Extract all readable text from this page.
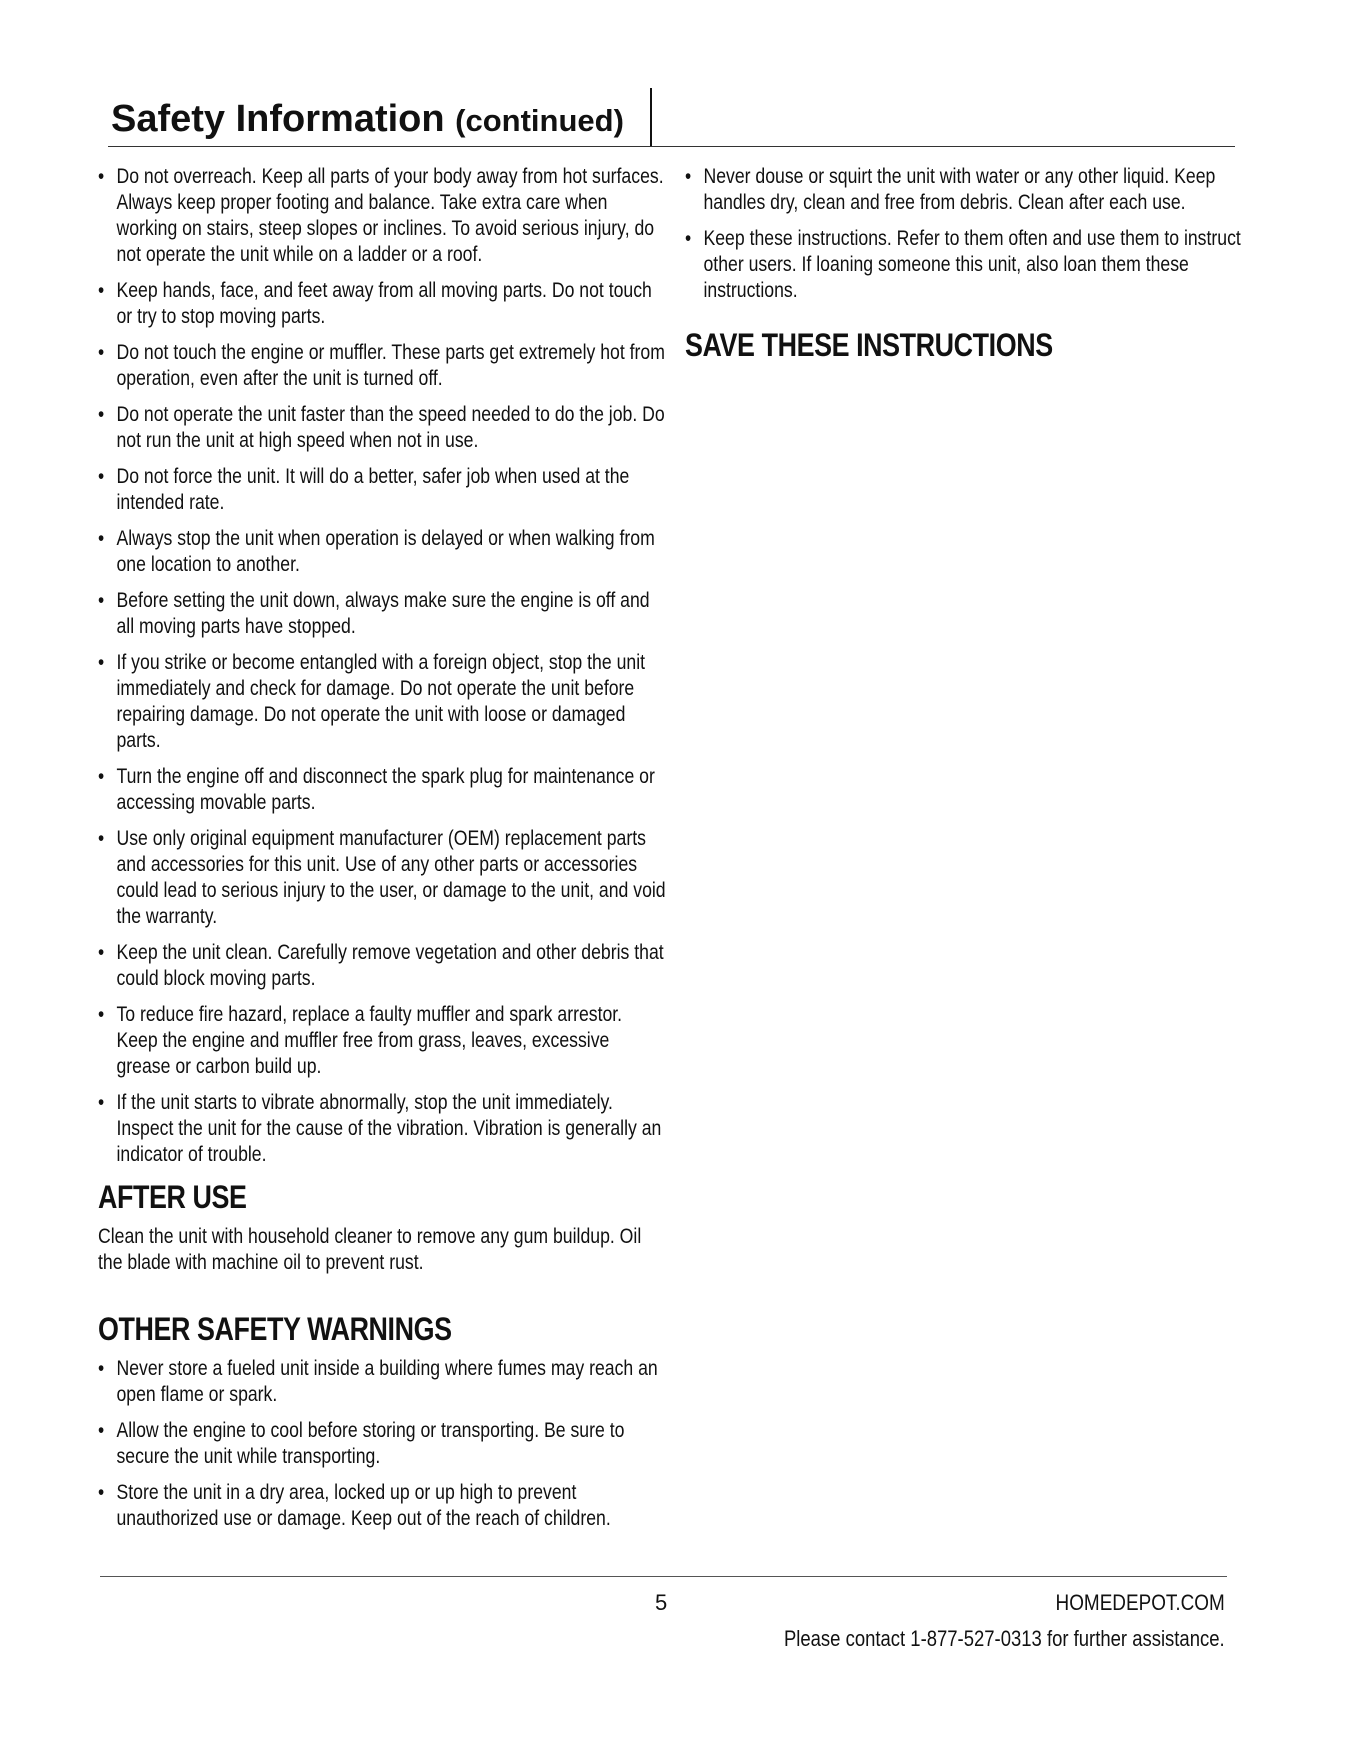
Safety Information (continued)
• Do not overreach. Keep all parts of your body away from hot surfaces. Always keep proper footing and balance. Take extra care when working on stairs, steep slopes or inclines. To avoid serious injury, do not operate the unit while on a ladder or a roof.
• Keep hands, face, and feet away from all moving parts. Do not touch or try to stop moving parts.
• Do not touch the engine or muffler. These parts get extremely hot from operation, even after the unit is turned off.
• Do not operate the unit faster than the speed needed to do the job. Do not run the unit at high speed when not in use.
• Do not force the unit. It will do a better, safer job when used at the intended rate.
• Always stop the unit when operation is delayed or when walking from one location to another.
• Before setting the unit down, always make sure the engine is off and all moving parts have stopped.
• If you strike or become entangled with a foreign object, stop the unit immediately and check for damage. Do not operate the unit before repairing damage. Do not operate the unit with loose or damaged parts.
• Turn the engine off and disconnect the spark plug for maintenance or accessing movable parts.
• Use only original equipment manufacturer (OEM) replacement parts and accessories for this unit. Use of any other parts or accessories could lead to serious injury to the user, or damage to the unit, and void the warranty.
• Keep the unit clean. Carefully remove vegetation and other debris that could block moving parts.
• To reduce fire hazard, replace a faulty muffler and spark arrestor. Keep the engine and muffler free from grass, leaves, excessive grease or carbon build up.
• If the unit starts to vibrate abnormally, stop the unit immediately. Inspect the unit for the cause of the vibration. Vibration is generally an indicator of trouble.
AFTER USE

Clean the unit with household cleaner to remove any gum buildup. Oil the blade with machine oil to prevent rust.

OTHER SAFETY WARNINGS
• Never store a fueled unit inside a building where fumes may reach an open flame or spark.
• Allow the engine to cool before storing or transporting. Be sure to secure the unit while transporting.
• Store the unit in a dry area, locked up or up high to prevent unauthorized use or damage. Keep out of the reach of children.
• Never douse or squirt the unit with water or any other liquid. Keep handles dry, clean and free from debris. Clean after each use.
• Keep these instructions. Refer to them often and use them to instruct other users. If loaning someone this unit, also loan them these instructions.
SAVE THESE INSTRUCTIONS
5	HOMEDEPOT.COM
Please contact 1-877-527-0313 for further assistance.
